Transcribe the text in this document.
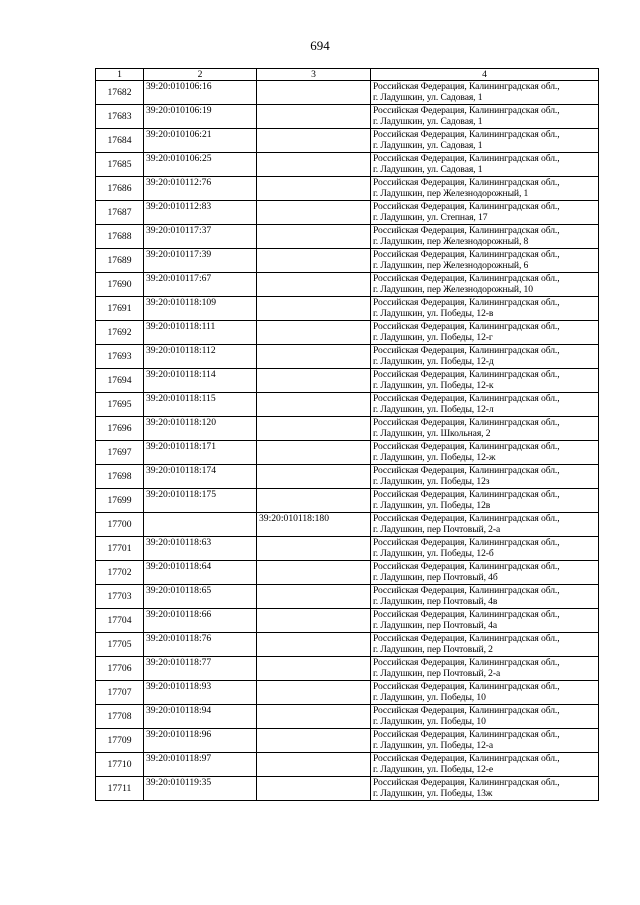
694
1	2	3	4
17682	39:20:010106:16		Российская Федерация, Калининградская обл.,
г. Ладушкин, ул. Садовая, 1

17683	39:20:010106:19		Российская Федерация, Калининградская обл.,
г. Ладушкин, ул. Садовая, 1

17684	39:20:010106:21		Российская Федерация, Калининградская обл.,
г. Ладушкин, ул. Садовая, 1

17685	39:20:010106:25		Российская Федерация, Калининградская обл.,
г. Ладушкин, ул. Садовая, 1

17686	39:20:010112:76		Российская Федерация, Калининградская обл.,
г. Ладушкин, пер Железнодорожный, 1

17687	39:20:010112:83		Российская Федерация, Калининградская обл.,
г. Ладушкин, ул. Степная, 17

17688	39:20:010117:37		Российская Федерация, Калининградская обл.,
г. Ладушкин, пер Железнодорожный, 8

17689	39:20:010117:39		Российская Федерация, Калининградская обл.,
г. Ладушкин, пер Железнодорожный, 6

17690	39:20:010117:67		Российская Федерация, Калининградская обл.,
г. Ладушкин, пер Железнодорожный, 10

17691	39:20:010118:109		Российская Федерация, Калининградская обл.,
г. Ладушкин, ул. Победы, 12-в

17692	39:20:010118:111		Российская Федерация, Калининградская обл.,
г. Ладушкин, ул. Победы, 12-г

17693	39:20:010118:112		Российская Федерация, Калининградская обл.,
г. Ладушкин, ул. Победы, 12-д

17694	39:20:010118:114		Российская Федерация, Калининградская обл.,
г. Ладушкин, ул. Победы, 12-к

17695	39:20:010118:115		Российская Федерация, Калининградская обл.,
г. Ладушкин, ул. Победы, 12-л

17696	39:20:010118:120		Российская Федерация, Калининградская обл.,
г. Ладушкин, ул. Школьная, 2

17697	39:20:010118:171		Российская Федерация, Калининградская обл.,
г. Ладушкин, ул. Победы, 12-ж

17698	39:20:010118:174		Российская Федерация, Калининградская обл.,
г. Ладушкин, ул. Победы, 12з

17699	39:20:010118:175		Российская Федерация, Калининградская обл.,
г. Ладушкин, ул. Победы, 12в

17700		39:20:010118:180	Российская Федерация, Калининградская обл.,
г. Ладушкин, пер Почтовый, 2-а

17701	39:20:010118:63		Российская Федерация, Калининградская обл.,
г. Ладушкин, ул. Победы, 12-б

17702	39:20:010118:64		Российская Федерация, Калининградская обл.,
г. Ладушкин, пер Почтовый, 4б

17703	39:20:010118:65		Российская Федерация, Калининградская обл.,
г. Ладушкин, пер Почтовый, 4в

17704	39:20:010118:66		Российская Федерация, Калининградская обл.,
г. Ладушкин, пер Почтовый, 4а

17705	39:20:010118:76		Российская Федерация, Калининградская обл.,
г. Ладушкин, пер Почтовый, 2

17706	39:20:010118:77		Российская Федерация, Калининградская обл.,
г. Ладушкин, пер Почтовый, 2-а

17707	39:20:010118:93		Российская Федерация, Калининградская обл.,
г. Ладушкин, ул. Победы, 10

17708	39:20:010118:94		Российская Федерация, Калининградская обл.,
г. Ладушкин, ул. Победы, 10

17709	39:20:010118:96		Российская Федерация, Калининградская обл.,
г. Ладушкин, ул. Победы, 12-а

17710	39:20:010118:97		Российская Федерация, Калининградская обл.,
г. Ладушкин, ул. Победы, 12-е

17711	39:20:010119:35		Российская Федерация, Калининградская обл.,
г. Ладушкин, ул. Победы, 13ж
